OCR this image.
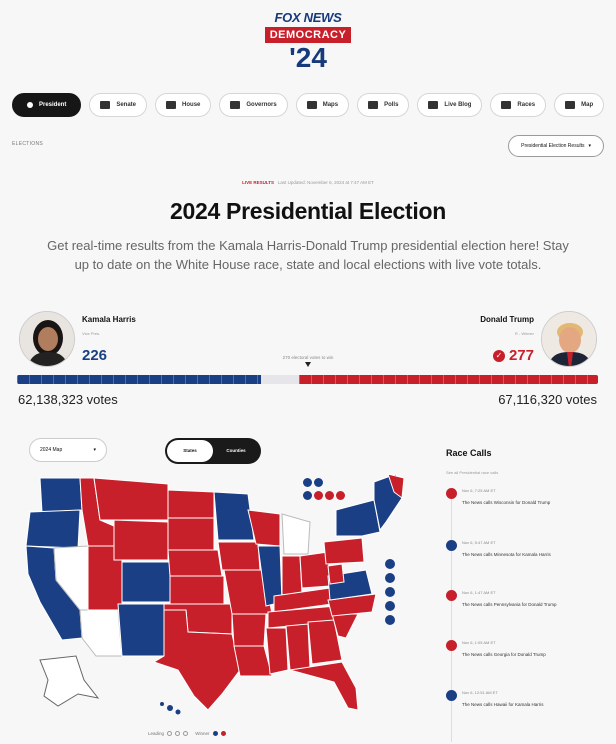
FOX NEWS
DEMOCRACY
'24
President	Senate	House	Governors	Maps	Polls	Live Blog	Races	Map
ELECTIONS	Presidential Election Results ▾
LIVE RESULTS Last Updated: November 6, 2024 at 7:47 AM ET
2024 Presidential Election
Get real-time results from the Kamala Harris-Donald Trump presidential election here! Stay up to date on the White House race, state and local elections with live vote totals.
Kamala Harris
Vice Pres.
226
Donald Trump
R - Winner
✓ 277
270 electoral votes to win
62,138,323 votes	67,116,320 votes
2024 Map	▾	States	Counties
Leading
	Winner
Race Calls
See all Presidential race calls
Nov 6, 7:25 AM ET
The News calls Wisconsin for Donald Trump
Nov 6, 5:47 AM ET
The News calls Minnesota for Kamala Harris
Nov 6, 1:47 AM ET
The News calls Pennsylvania for Donald Trump
Nov 6, 1:05 AM ET
The News calls Georgia for Donald Trump
Nov 6, 12:51 AM ET
The News calls Hawaii for Kamala Harris
